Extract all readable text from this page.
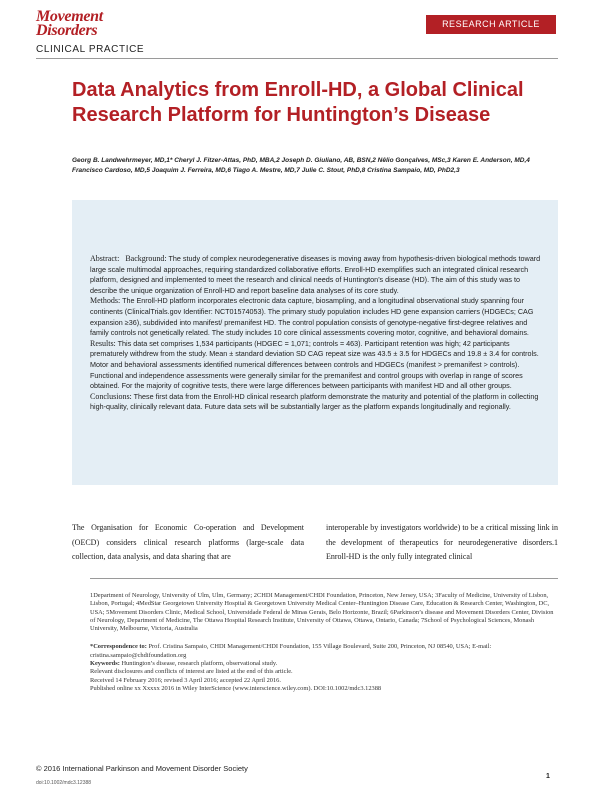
Movement
Disorders
CLINICAL PRACTICE
RESEARCH ARTICLE
Data Analytics from Enroll-HD, a Global Clinical Research Platform for Huntington’s Disease
Georg B. Landwehrmeyer, MD,1* Cheryl J. Fitzer-Attas, PhD, MBA,2 Joseph D. Giuliano, AB, BSN,2 Nêlio Gonçalves, MSc,3 Karen E. Anderson, MD,4 Francisco Cardoso, MD,5 Joaquim J. Ferreira, MD,6 Tiago A. Mestre, MD,7 Julie C. Stout, PhD,8 Cristina Sampaio, MD, PhD2,3

Abstract: Background: The study of complex neurodegenerative diseases is moving away from hypothesis-driven biological methods toward large scale multimodal approaches, requiring standardized collaborative efforts. Enroll-HD exemplifies such an integrated clinical research platform, designed and implemented to meet the research and clinical needs of Huntington’s disease (HD). The aim of this study was to describe the unique organization of Enroll-HD and report baseline data analyses of its core study.

Methods: The Enroll-HD platform incorporates electronic data capture, biosampling, and a longitudinal observational study spanning four continents (ClinicalTrials.gov Identifier: NCT01574053). The primary study population includes HD gene expansion carriers (HDGECs; CAG expansion ≥36), subdivided into manifest/ premanifest HD. The control population consists of genotype-negative first-degree relatives and family controls not genetically related. The study includes 10 core clinical assessments covering motor, cognitive, and behavioral domains.

Results: This data set comprises 1,534 participants (HDGEC = 1,071; controls = 463). Participant retention was high; 42 participants prematurely withdrew from the study. Mean ± standard deviation SD CAG repeat size was 43.5 ± 3.5 for HDGECs and 19.8 ± 3.4 for controls. Motor and behavioral assessments identified numerical differences between controls and HDGECs (manifest > premanifest > controls). Functional and independence assessments were generally similar for the premanifest and control groups with overlap in range of scores obtained. For the majority of cognitive tests, there were large differences between participants with manifest HD and all other groups.

Conclusions: These first data from the Enroll-HD clinical research platform demonstrate the maturity and potential of the platform in collecting high-quality, clinically relevant data. Future data sets will be substantially larger as the platform expands longitudinally and regionally.

The Organisation for Economic Co-operation and Development (OECD) considers clinical research platforms (large-scale data collection, data analysis, and data sharing that are
interoperable by investigators worldwide) to be a critical missing link in the development of therapeutics for neurodegenerative disorders.1 Enroll-HD is the only fully integrated clinical

1Department of Neurology, University of Ulm, Ulm, Germany; 2CHDI Management/CHDI Foundation, Princeton, New Jersey, USA; 3Faculty of Medicine, University of Lisbon, Lisbon, Portugal; 4MedStar Georgetown University Hospital & Georgetown University Medical Center–Huntington Disease Care, Education & Research Center, Washington, DC, USA; 5Movement Disorders Clinic, Medical School, Universidade Federal de Minas Gerais, Belo Horizonte, Brazil; 6Parkinson’s disease and Movement Disorders Center, Division of Neurology, Department of Medicine, The Ottawa Hospital Research Institute, University of Ottawa, Ottawa, Ontario, Canada; 7School of Psychological Sciences, Monash University, Melbourne, Victoria, Australia

*Correspondence to: Prof. Cristina Sampaio, CHDI Management/CHDI Foundation, 155 Village Boulevard, Suite 200, Princeton, NJ 08540, USA; E-mail: cristina.sampaio@chdifoundation.org
Keywords: Huntington’s disease, research platform, observational study.
Relevant disclosures and conflicts of interest are listed at the end of this article.
Received 14 February 2016; revised 3 April 2016; accepted 22 April 2016.
Published online xx Xxxxx 2016 in Wiley InterScience (www.interscience.wiley.com). DOI:10.1002/mdc3.12388
© 2016 International Parkinson and Movement Disorder Society
doi:10.1002/mdc3.12388
1
